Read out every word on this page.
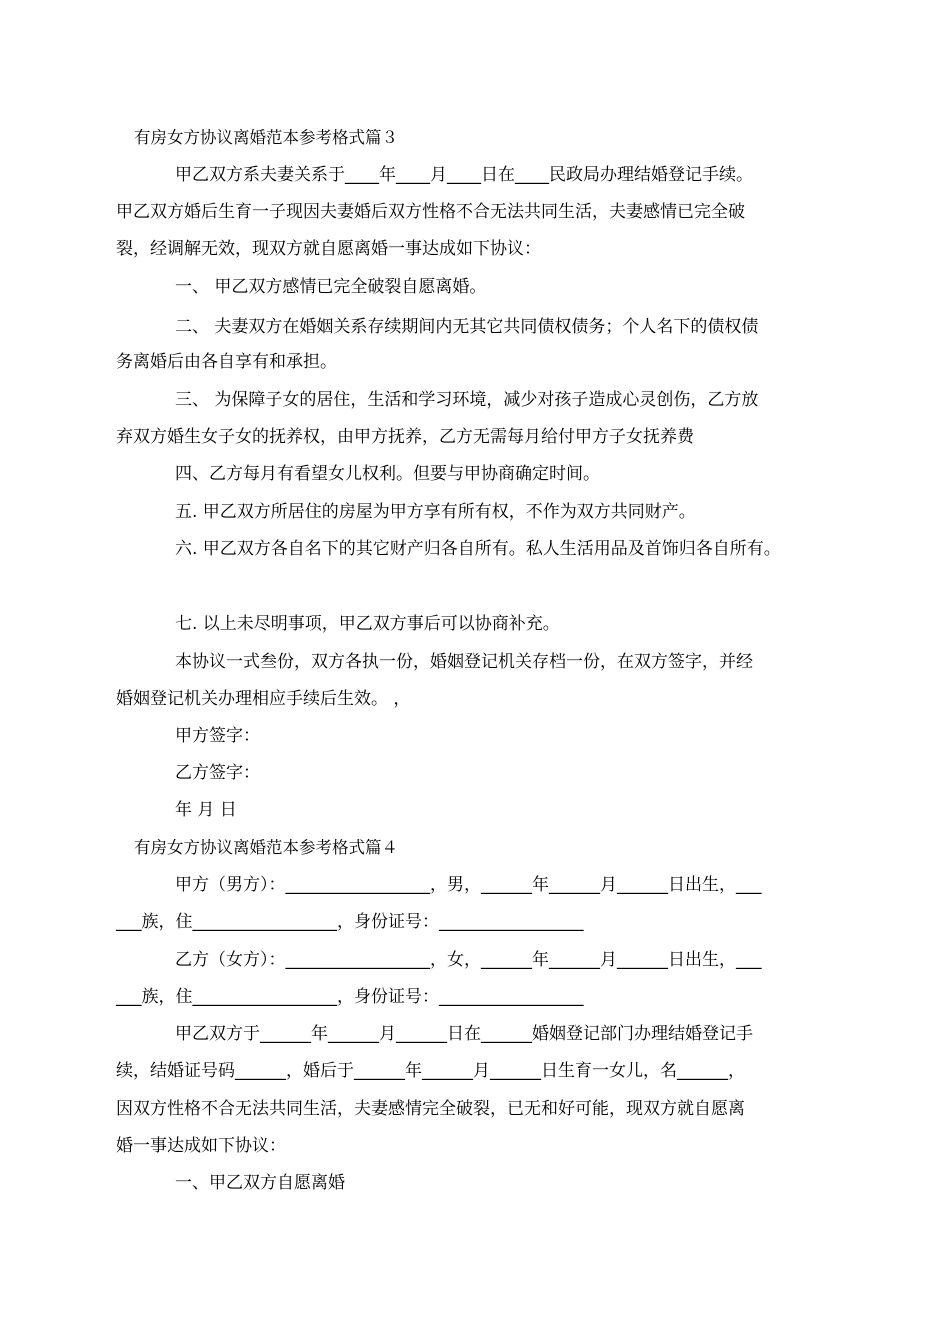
有房女方协议离婚范本参考格式篇３
甲乙双方系夫妻关系于____年____月____日在____民政局办理结婚登记手续。
甲乙双方婚后生育一子现因夫妻婚后双方性格不合无法共同生活，夫妻感情已完全破
裂，经调解无效，现双方就自愿离婚一事达成如下协议：
一、 甲乙双方感情已完全破裂自愿离婚。
二、 夫妻双方在婚姻关系存续期间内无其它共同债权债务；个人名下的债权债
务离婚后由各自享有和承担。
三、 为保障子女的居住，生活和学习环境，减少对孩子造成心灵创伤，乙方放
弃双方婚生女子女的抚养权，由甲方抚养，乙方无需每月给付甲方子女抚养费
四、乙方每月有看望女儿权利。但要与甲协商确定时间。
五. 甲乙双方所居住的房屋为甲方享有所有权，不作为双方共同财产。
六. 甲乙双方各自名下的其它财产归各自所有。私人生活用品及首饰归各自所有。
七. 以上未尽明事项，甲乙双方事后可以协商补充。
本协议一式叁份，双方各执一份，婚姻登记机关存档一份，在双方签字，并经
婚姻登记机关办理相应手续后生效。 ，
甲方签字：
乙方签字：
年 月 日
有房女方协议离婚范本参考格式篇４
甲方（男方）：_________________，男，______年______月______日出生，___
___族，住_________________，身份证号：_________________
乙方（女方）：_________________，女，______年______月______日出生，___
___族，住_________________，身份证号：_________________
甲乙双方于______年______月______日在______婚姻登记部门办理结婚登记手
续，结婚证号码______，婚后于______年______月______日生育一女儿，名______，
因双方性格不合无法共同生活，夫妻感情完全破裂，已无和好可能，现双方就自愿离
婚一事达成如下协议：
一、甲乙双方自愿离婚
